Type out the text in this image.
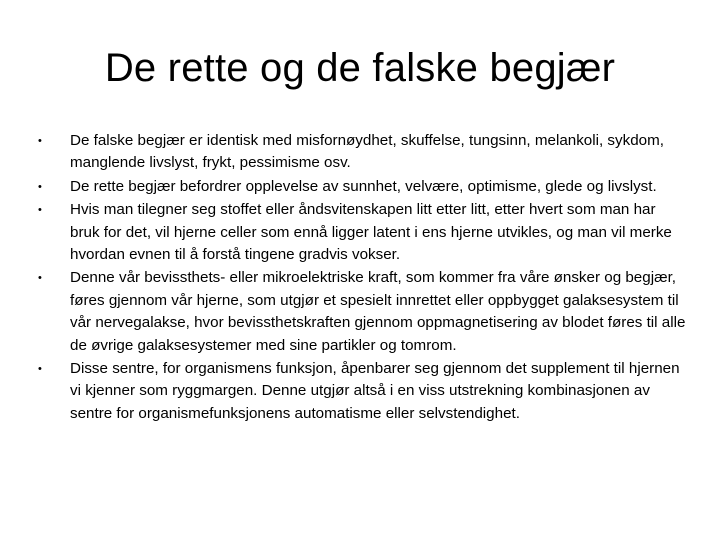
De rette og de falske begjær
• De falske begjær er identisk med misfornøydhet, skuffelse, tungsinn, melankoli, sykdom, manglende livslyst, frykt, pessimisme osv.
• De rette begjær befordrer opplevelse av sunnhet, velvære, optimisme, glede og livslyst.
• Hvis man tilegner seg stoffet eller åndsvitenskapen litt etter litt, etter hvert som man har bruk for det, vil hjerne celler som ennå ligger latent i ens hjerne utvikles, og man vil merke hvordan evnen til å forstå tingene gradvis vokser.
• Denne vår bevissthets- eller mikroelektriske kraft, som kommer fra våre ønsker og begjær, føres gjennom vår hjerne, som utgjør et spesielt innrettet eller oppbygget galaksesystem til vår nervegalakse, hvor bevissthetskraften gjennom oppmagnetisering av blodet føres til alle de øvrige galaksesystemer med sine partikler og tomrom.
• Disse sentre, for organismens funksjon, åpenbarer seg gjennom det supplement til hjernen vi kjenner som ryggmargen. Denne utgjør altså i en viss utstrekning kombinasjonen av sentre for organismefunksjonens automatisme eller selvstendighet.
